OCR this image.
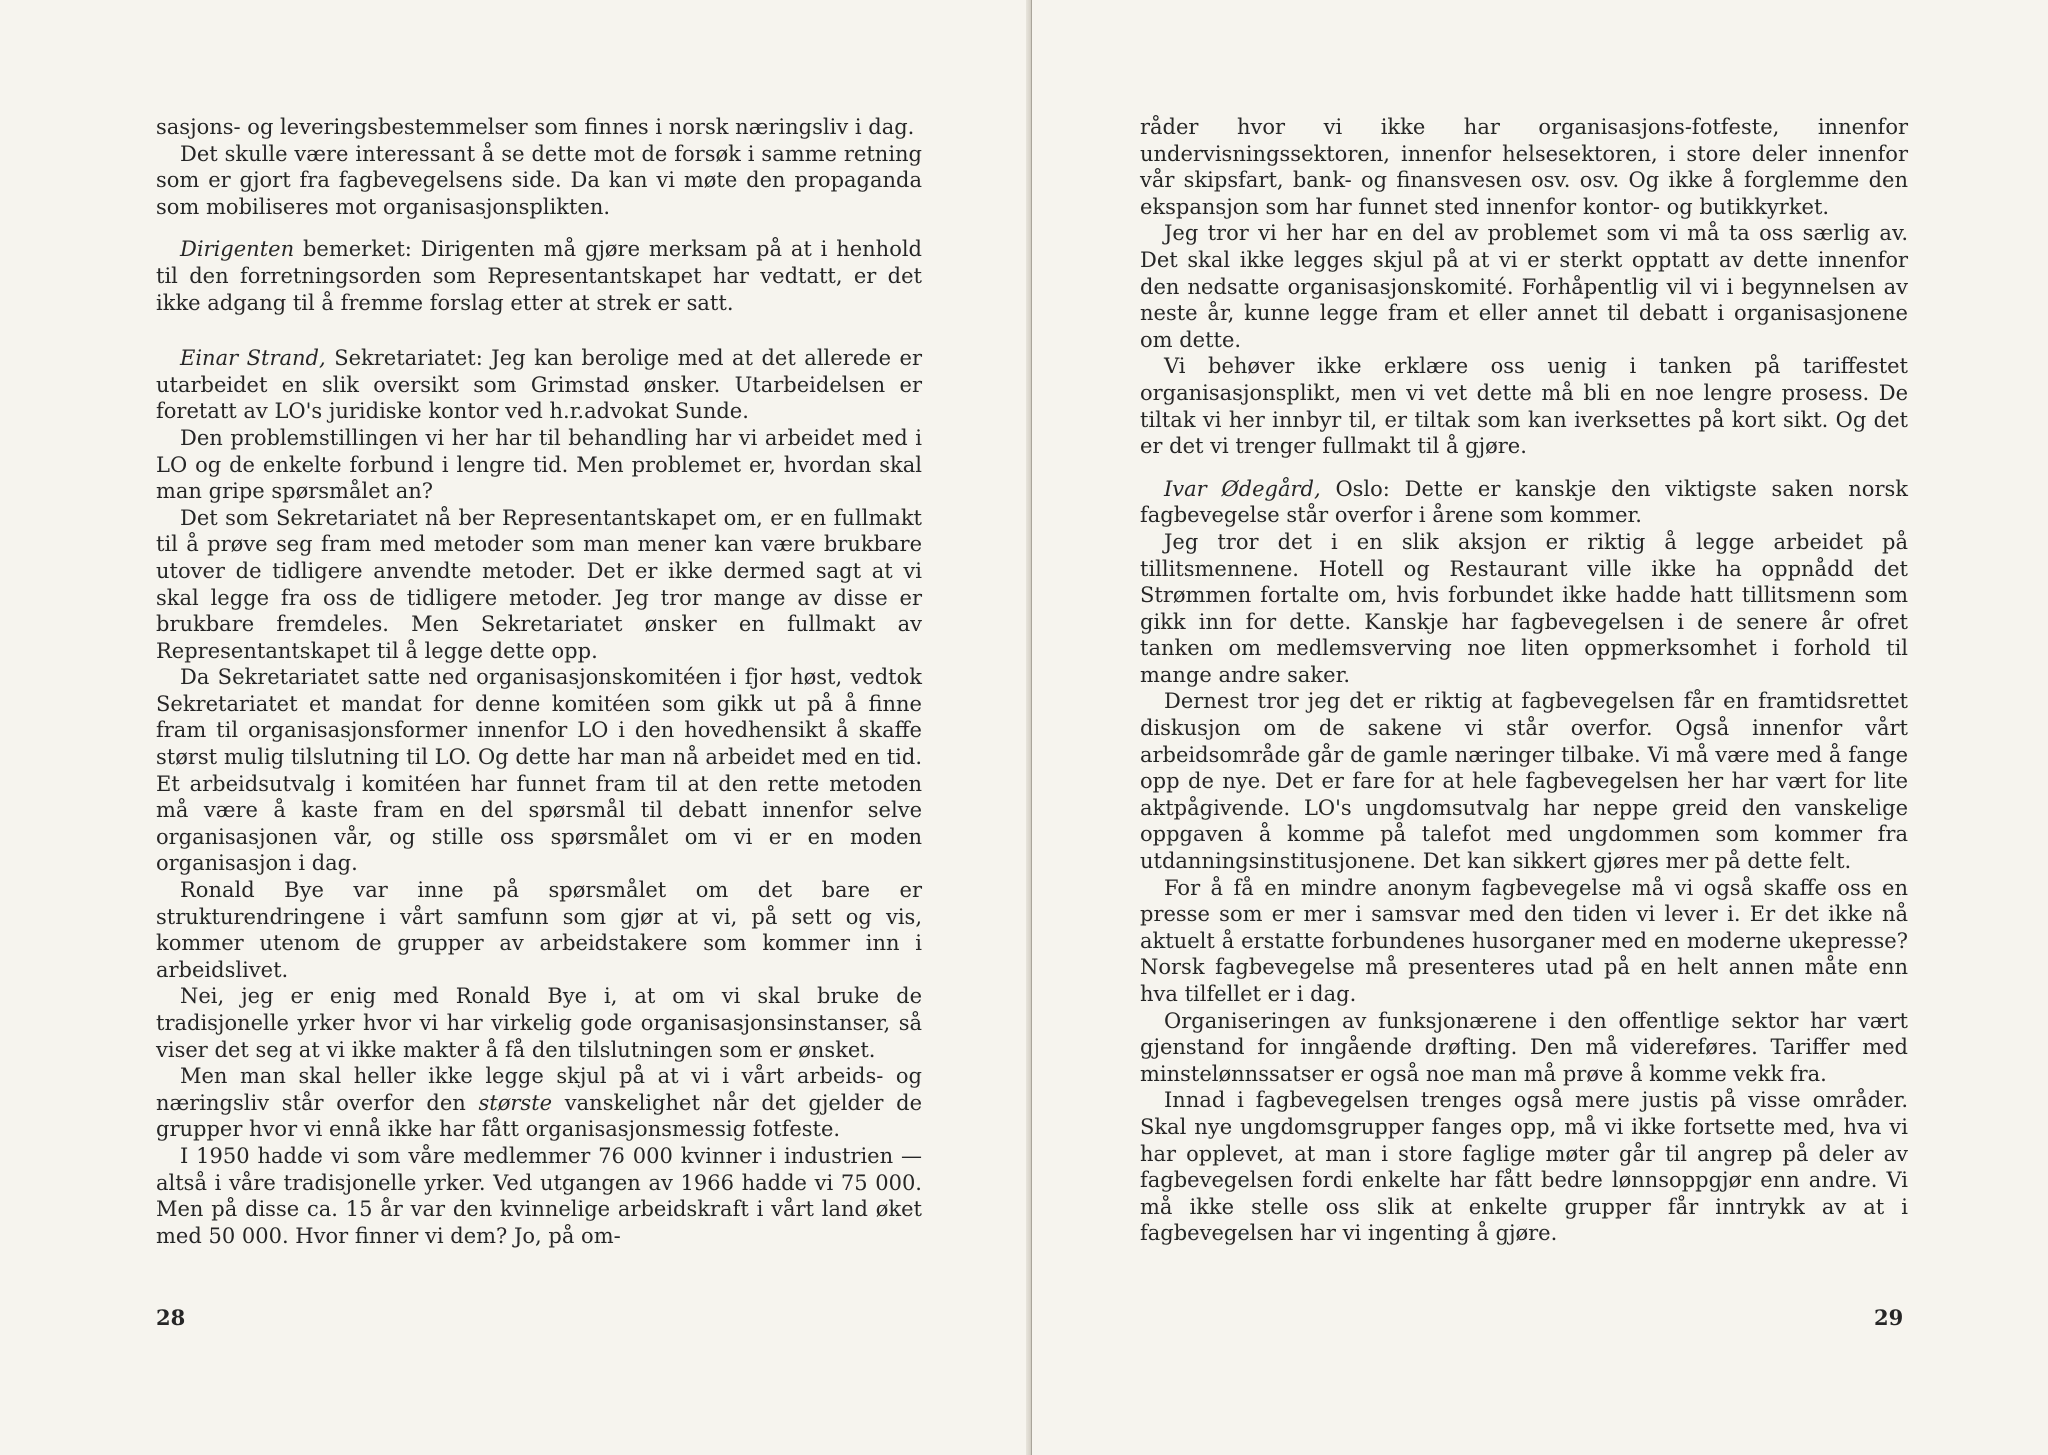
sasjons- og leveringsbestemmelser som finnes i norsk næringsliv i dag.

Det skulle være interessant å se dette mot de forsøk i samme retning som er gjort fra fagbevegelsens side. Da kan vi møte den propaganda som mobiliseres mot organisasjonsplikten.

Dirigenten bemerket: Dirigenten må gjøre merksam på at i henhold til den forretningsorden som Representantskapet har vedtatt, er det ikke adgang til å fremme forslag etter at strek er satt.

Einar Strand, Sekretariatet: Jeg kan berolige med at det allerede er utarbeidet en slik oversikt som Grimstad ønsker. Utarbeidelsen er foretatt av LO's juridiske kontor ved h.r.advokat Sunde.

Den problemstillingen vi her har til behandling har vi arbeidet med i LO og de enkelte forbund i lengre tid. Men problemet er, hvordan skal man gripe spørsmålet an?

Det som Sekretariatet nå ber Representantskapet om, er en fullmakt til å prøve seg fram med metoder som man mener kan være brukbare utover de tidligere anvendte metoder. Det er ikke dermed sagt at vi skal legge fra oss de tidligere metoder. Jeg tror mange av disse er brukbare fremdeles. Men Sekretariatet ønsker en fullmakt av Representantskapet til å legge dette opp.

Da Sekretariatet satte ned organisasjonskomitéen i fjor høst, vedtok Sekretariatet et mandat for denne komitéen som gikk ut på å finne fram til organisasjonsformer innenfor LO i den hovedhensikt å skaffe størst mulig tilslutning til LO. Og dette har man nå arbeidet med en tid. Et arbeidsutvalg i komitéen har funnet fram til at den rette metoden må være å kaste fram en del spørsmål til debatt innenfor selve organisasjonen vår, og stille oss spørsmålet om vi er en moden organisasjon i dag.

Ronald Bye var inne på spørsmålet om det bare er strukturendringene i vårt samfunn som gjør at vi, på sett og vis, kommer utenom de grupper av arbeidstakere som kommer inn i arbeidslivet.

Nei, jeg er enig med Ronald Bye i, at om vi skal bruke de tradisjonelle yrker hvor vi har virkelig gode organisasjonsinstanser, så viser det seg at vi ikke makter å få den tilslutningen som er ønsket.

Men man skal heller ikke legge skjul på at vi i vårt arbeids- og næringsliv står overfor den største vanskelighet når det gjelder de grupper hvor vi ennå ikke har fått organisasjonsmessig fotfeste.

I 1950 hadde vi som våre medlemmer 76 000 kvinner i industrien — altså i våre tradisjonelle yrker. Ved utgangen av 1966 hadde vi 75 000. Men på disse ca. 15 år var den kvinnelige arbeidskraft i vårt land øket med 50 000. Hvor finner vi dem? Jo, på om-

28

råder hvor vi ikke har organisasjons-fotfeste, innenfor undervisningssektoren, innenfor helsesektoren, i store deler innenfor vår skipsfart, bank- og finansvesen osv. osv. Og ikke å forglemme den ekspansjon som har funnet sted innenfor kontor- og butikkyrket.

Jeg tror vi her har en del av problemet som vi må ta oss særlig av. Det skal ikke legges skjul på at vi er sterkt opptatt av dette innenfor den nedsatte organisasjonskomité. Forhåpentlig vil vi i begynnelsen av neste år, kunne legge fram et eller annet til debatt i organisasjonene om dette.

Vi behøver ikke erklære oss uenig i tanken på tariffestet organisasjonsplikt, men vi vet dette må bli en noe lengre prosess. De tiltak vi her innbyr til, er tiltak som kan iverksettes på kort sikt. Og det er det vi trenger fullmakt til å gjøre.

Ivar Ødegård, Oslo: Dette er kanskje den viktigste saken norsk fagbevegelse står overfor i årene som kommer.

Jeg tror det i en slik aksjon er riktig å legge arbeidet på tillitsmennene. Hotell og Restaurant ville ikke ha oppnådd det Strømmen fortalte om, hvis forbundet ikke hadde hatt tillitsmenn som gikk inn for dette. Kanskje har fagbevegelsen i de senere år ofret tanken om medlemsverving noe liten oppmerksomhet i forhold til mange andre saker.

Dernest tror jeg det er riktig at fagbevegelsen får en framtidsrettet diskusjon om de sakene vi står overfor. Også innenfor vårt arbeidsområde går de gamle næringer tilbake. Vi må være med å fange opp de nye. Det er fare for at hele fagbevegelsen her har vært for lite aktpågivende. LO's ungdomsutvalg har neppe greid den vanskelige oppgaven å komme på talefot med ungdommen som kommer fra utdanningsinstitusjonene. Det kan sikkert gjøres mer på dette felt.

For å få en mindre anonym fagbevegelse må vi også skaffe oss en presse som er mer i samsvar med den tiden vi lever i. Er det ikke nå aktuelt å erstatte forbundenes husorganer med en moderne ukepresse? Norsk fagbevegelse må presenteres utad på en helt annen måte enn hva tilfellet er i dag.

Organiseringen av funksjonærene i den offentlige sektor har vært gjenstand for inngående drøfting. Den må videreføres. Tariffer med minstelønnssatser er også noe man må prøve å komme vekk fra.

Innad i fagbevegelsen trenges også mere justis på visse områder. Skal nye ungdomsgrupper fanges opp, må vi ikke fortsette med, hva vi har opplevet, at man i store faglige møter går til angrep på deler av fagbevegelsen fordi enkelte har fått bedre lønnsoppgjør enn andre. Vi må ikke stelle oss slik at enkelte grupper får inntrykk av at i fagbevegelsen har vi ingenting å gjøre.

29
